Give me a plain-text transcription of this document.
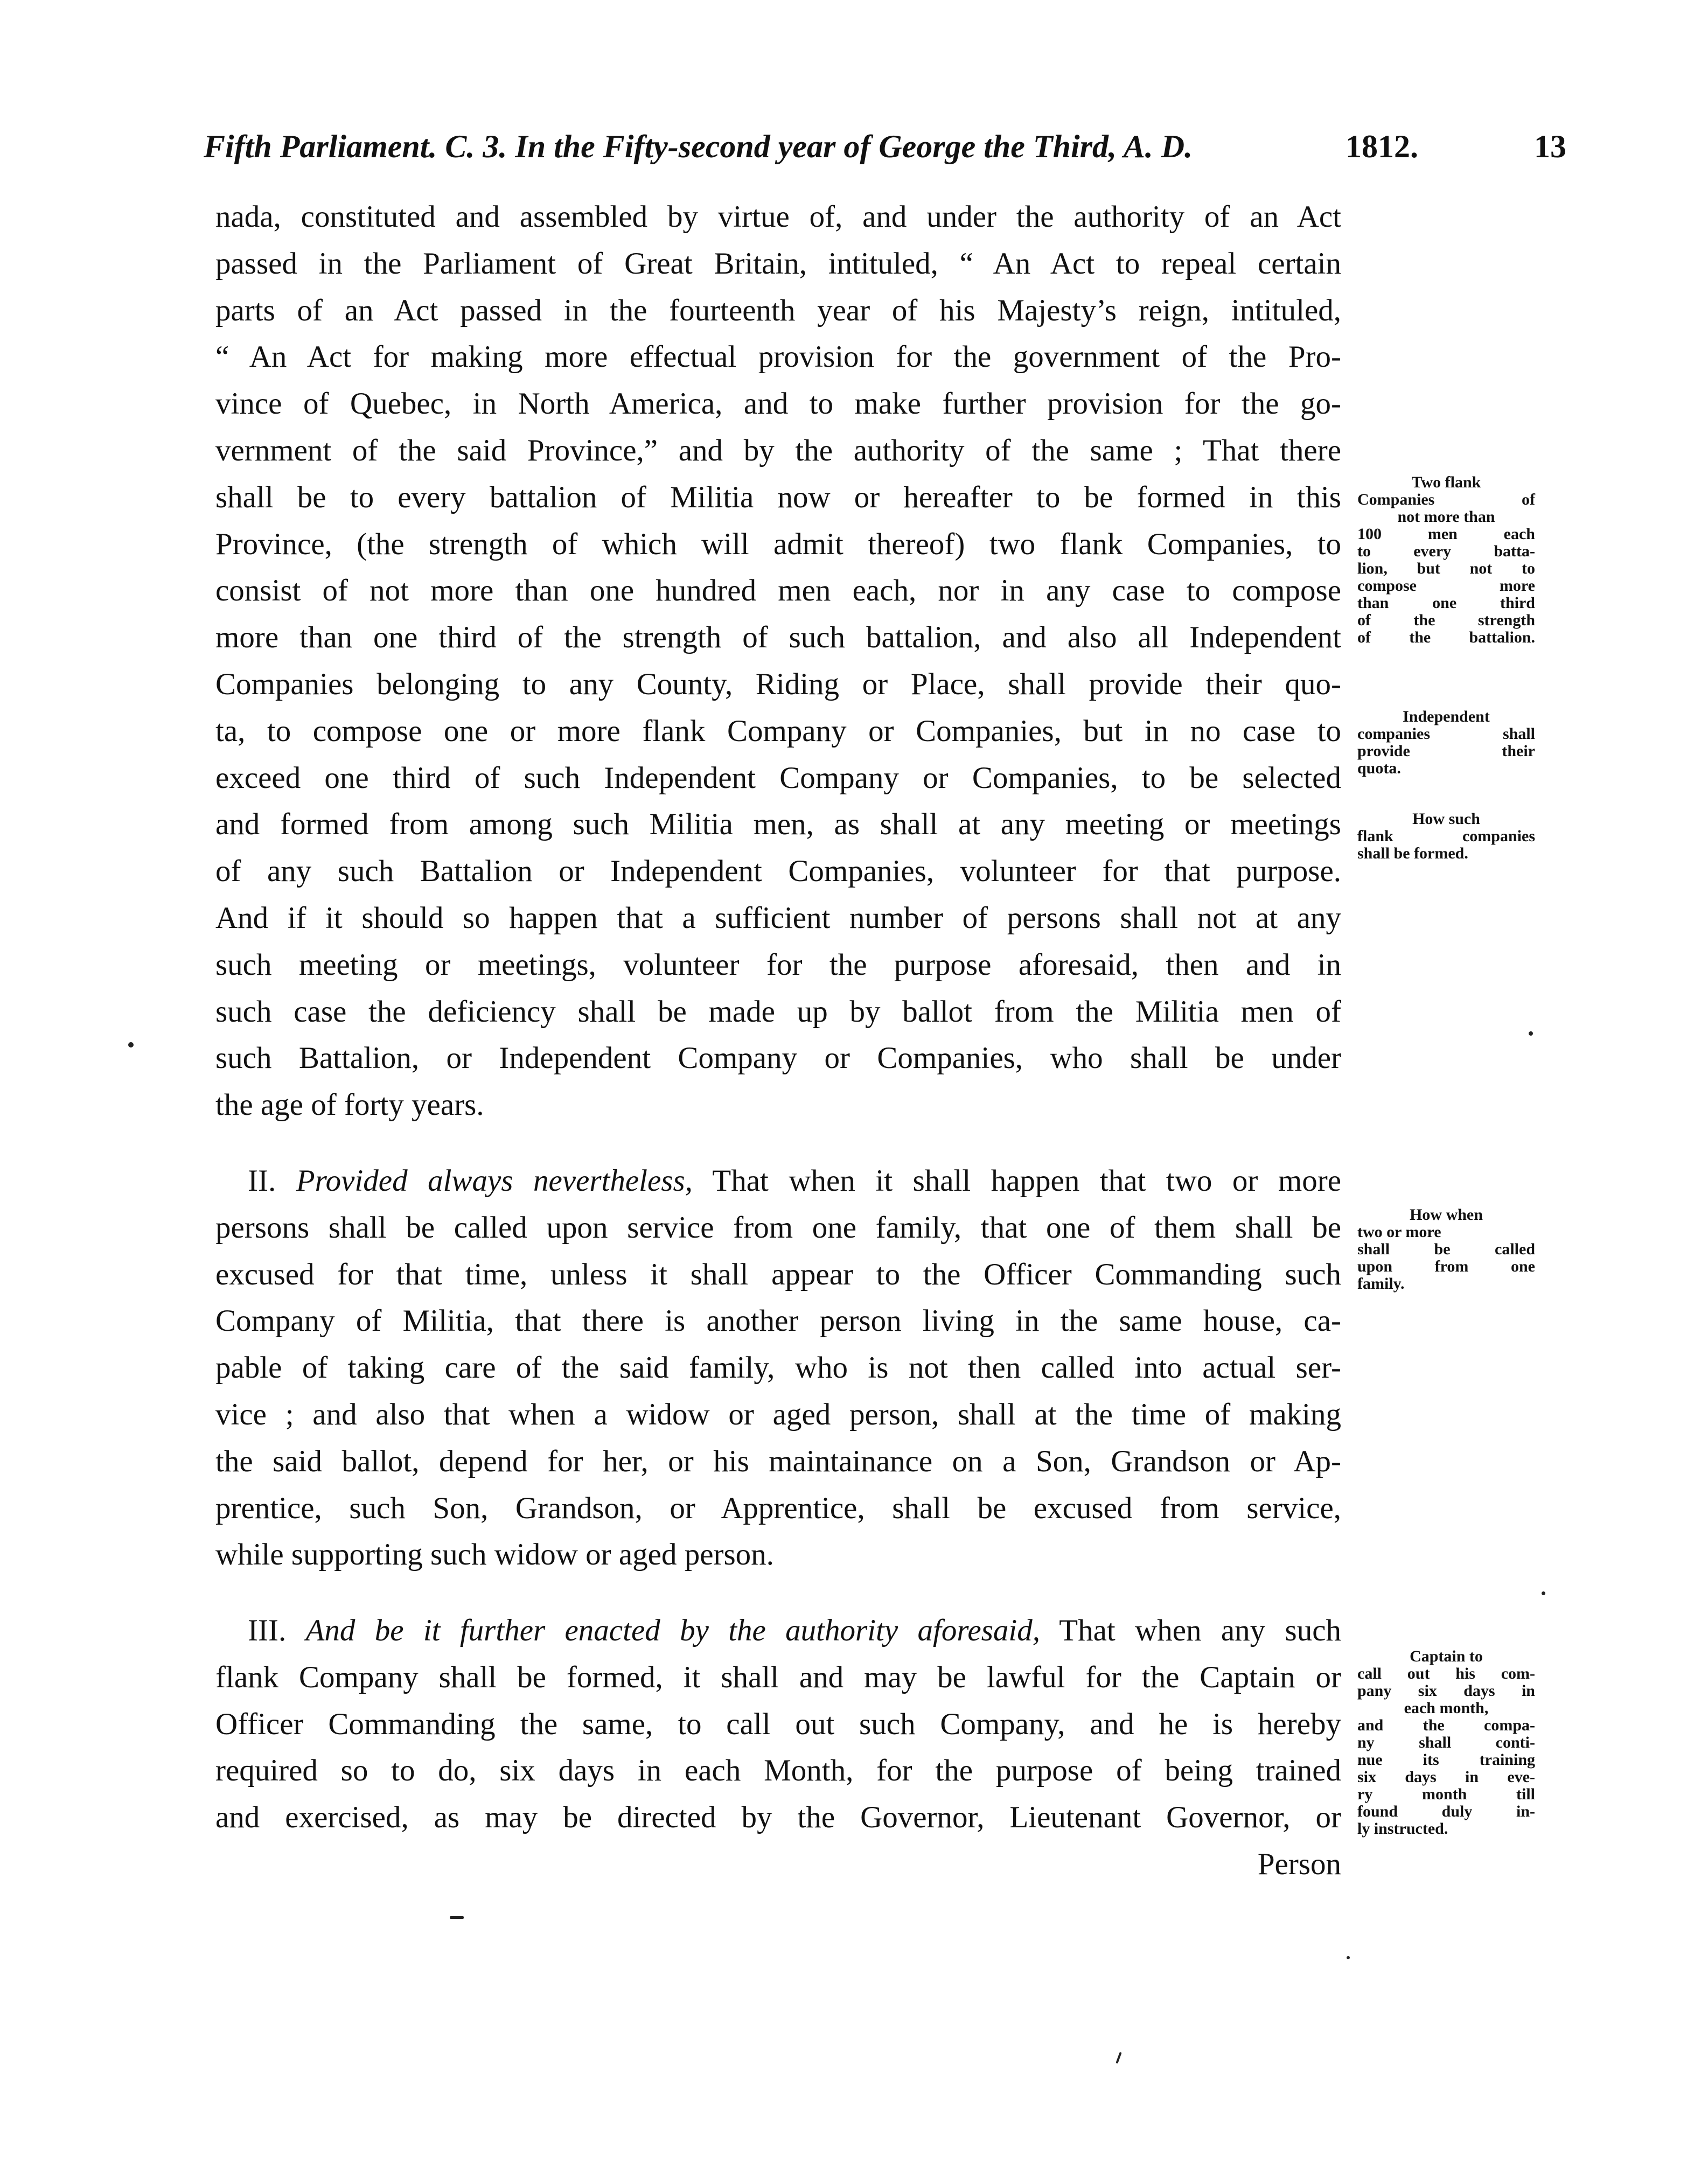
Fifth Parliament. C. 3. In the Fifty-second year of George the Third, A. D.	1812.	13
nada, constituted and assembled by virtue of, and under the authority of an Act
passed in the Parliament of Great Britain, intituled, “ An Act to repeal certain
parts of an Act passed in the fourteenth year of his Majesty’s reign, intituled,
“ An Act for making more effectual provision for the government of the Pro-
vince of Quebec, in North America, and to make further provision for the go-
vernment of the said Province,” and by the authority of the same ; That there
shall be to every battalion of Militia now or hereafter to be formed in this
Province, (the strength of which will admit thereof) two flank Companies, to
consist of not more than one hundred men each, nor in any case to compose
more than one third of the strength of such battalion, and also all Independent
Companies belonging to any County, Riding or Place, shall provide their quo-
ta, to compose one or more flank Company or Companies, but in no case to
exceed one third of such Independent Company or Companies, to be selected
and formed from among such Militia men, as shall at any meeting or meetings
of any such Battalion or Independent Companies, volunteer for that purpose.
And if it should so happen that a sufficient number of persons shall not at any
such meeting or meetings, volunteer for the purpose aforesaid, then and in
such case the deficiency shall be made up by ballot from the Militia men of
such Battalion, or Independent Company or Companies, who shall be under
the age of forty years.
II. Provided always nevertheless, That when it shall happen that two or more
persons shall be called upon service from one family, that one of them shall be
excused for that time, unless it shall appear to the Officer Commanding such
Company of Militia, that there is another person living in the same house, ca-
pable of taking care of the said family, who is not then called into actual ser-
vice ; and also that when a widow or aged person, shall at the time of making
the said ballot, depend for her, or his maintainance on a Son, Grandson or Ap-
prentice, such Son, Grandson, or Apprentice, shall be excused from service,
while supporting such widow or aged person.
III. And be it further enacted by the authority aforesaid, That when any such
flank Company shall be formed, it shall and may be lawful for the Captain or
Officer Commanding the same, to call out such Company, and he is hereby
required so to do, six days in each Month, for the purpose of being trained
and exercised, as may be directed by the Governor, Lieutenant Governor, or
Person
Two flank
Companies of
not more than
100 men each
to every batta-
lion, but not to
compose more
than one third
of the strength
of the battalion.
Independent
companies shall
provide their
quota.
How such
flank companies
shall be formed.
How when
two or more
shall be called
upon from one
family.
Captain to
call out his com-
pany six days in
each month,
and the compa-
ny shall conti-
nue its training
six days in eve-
ry month till
found duly in-
ly instructed.
